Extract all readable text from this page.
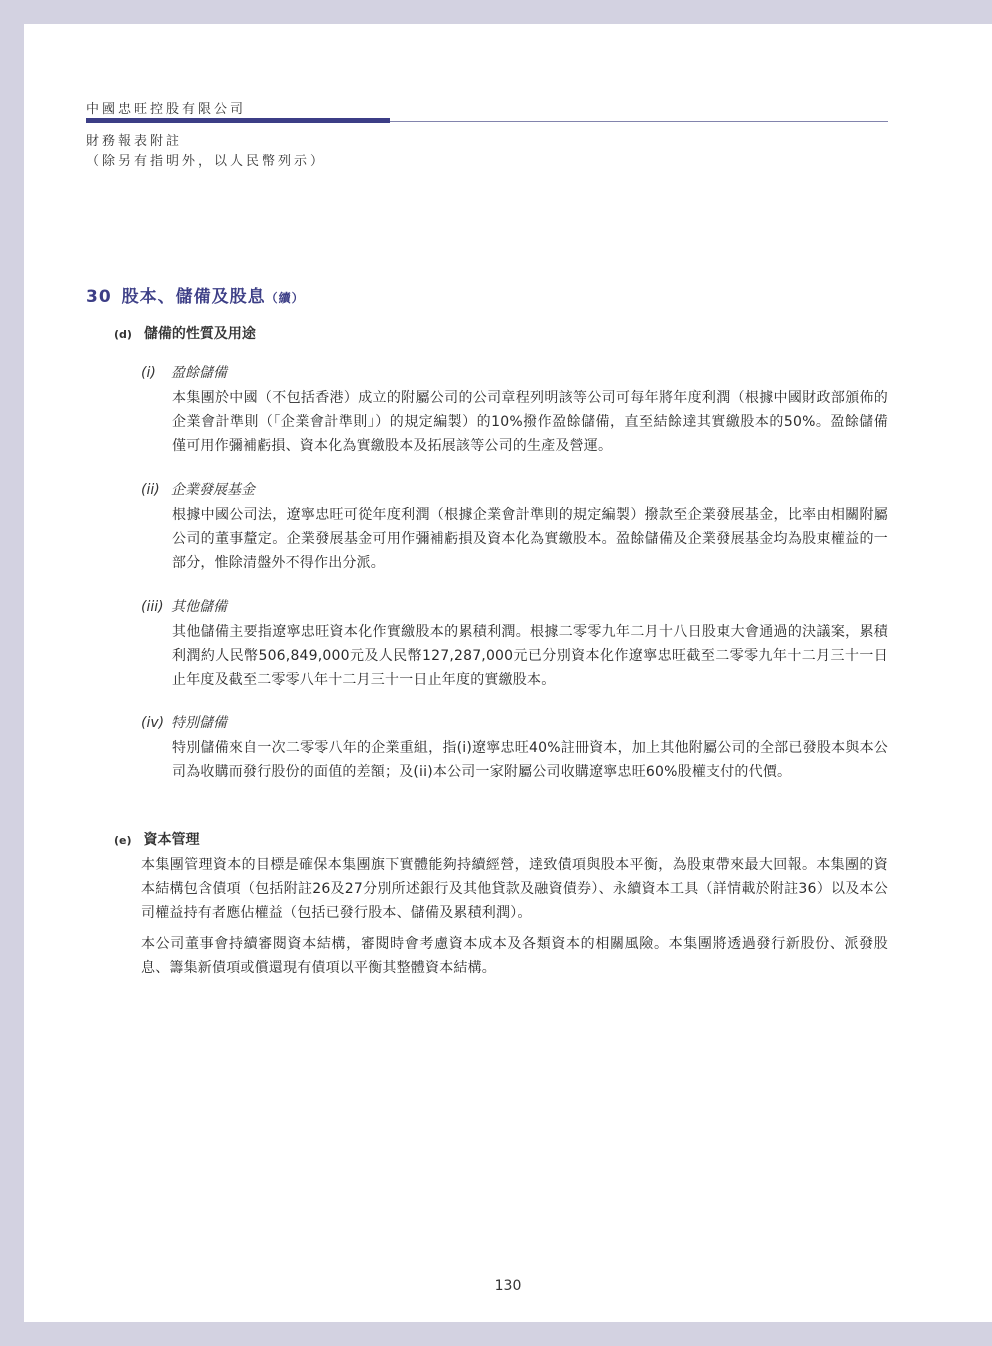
中國忠旺控股有限公司
財務報表附註
（除另有指明外，以人民幣列示）
30 股本、儲備及股息（續）
(d) 儲備的性質及用途
(i) 盈餘儲備
本集團於中國（不包括香港）成立的附屬公司的公司章程列明該等公司可每年將年度利潤（根據中國財政部頒佈的企業會計準則（「企業會計準則」）的規定編製）的10%撥作盈餘儲備，直至結餘達其實繳股本的50%。盈餘儲備僅可用作彌補虧損、資本化為實繳股本及拓展該等公司的生產及營運。
(ii) 企業發展基金
根據中國公司法，遼寧忠旺可從年度利潤（根據企業會計準則的規定編製）撥款至企業發展基金，比率由相關附屬公司的董事釐定。企業發展基金可用作彌補虧損及資本化為實繳股本。盈餘儲備及企業發展基金均為股東權益的一部分，惟除清盤外不得作出分派。
(iii) 其他儲備
其他儲備主要指遼寧忠旺資本化作實繳股本的累積利潤。根據二零零九年二月十八日股東大會通過的決議案，累積利潤約人民幣506,849,000元及人民幣127,287,000元已分別資本化作遼寧忠旺截至二零零九年十二月三十一日止年度及截至二零零八年十二月三十一日止年度的實繳股本。
(iv) 特別儲備
特別儲備來自一次二零零八年的企業重組，指(i)遼寧忠旺40%註冊資本，加上其他附屬公司的全部已發股本與本公司為收購而發行股份的面值的差額；及(ii)本公司一家附屬公司收購遼寧忠旺60%股權支付的代價。
(e) 資本管理
本集團管理資本的目標是確保本集團旗下實體能夠持續經營，達致債項與股本平衡，為股東帶來最大回報。本集團的資本結構包含債項（包括附註26及27分別所述銀行及其他貸款及融資債券）、永續資本工具（詳情載於附註36）以及本公司權益持有者應佔權益（包括已發行股本、儲備及累積利潤）。
本公司董事會持續審閱資本結構，審閱時會考慮資本成本及各類資本的相關風險。本集團將透過發行新股份、派發股息、籌集新債項或償還現有債項以平衡其整體資本結構。
130
